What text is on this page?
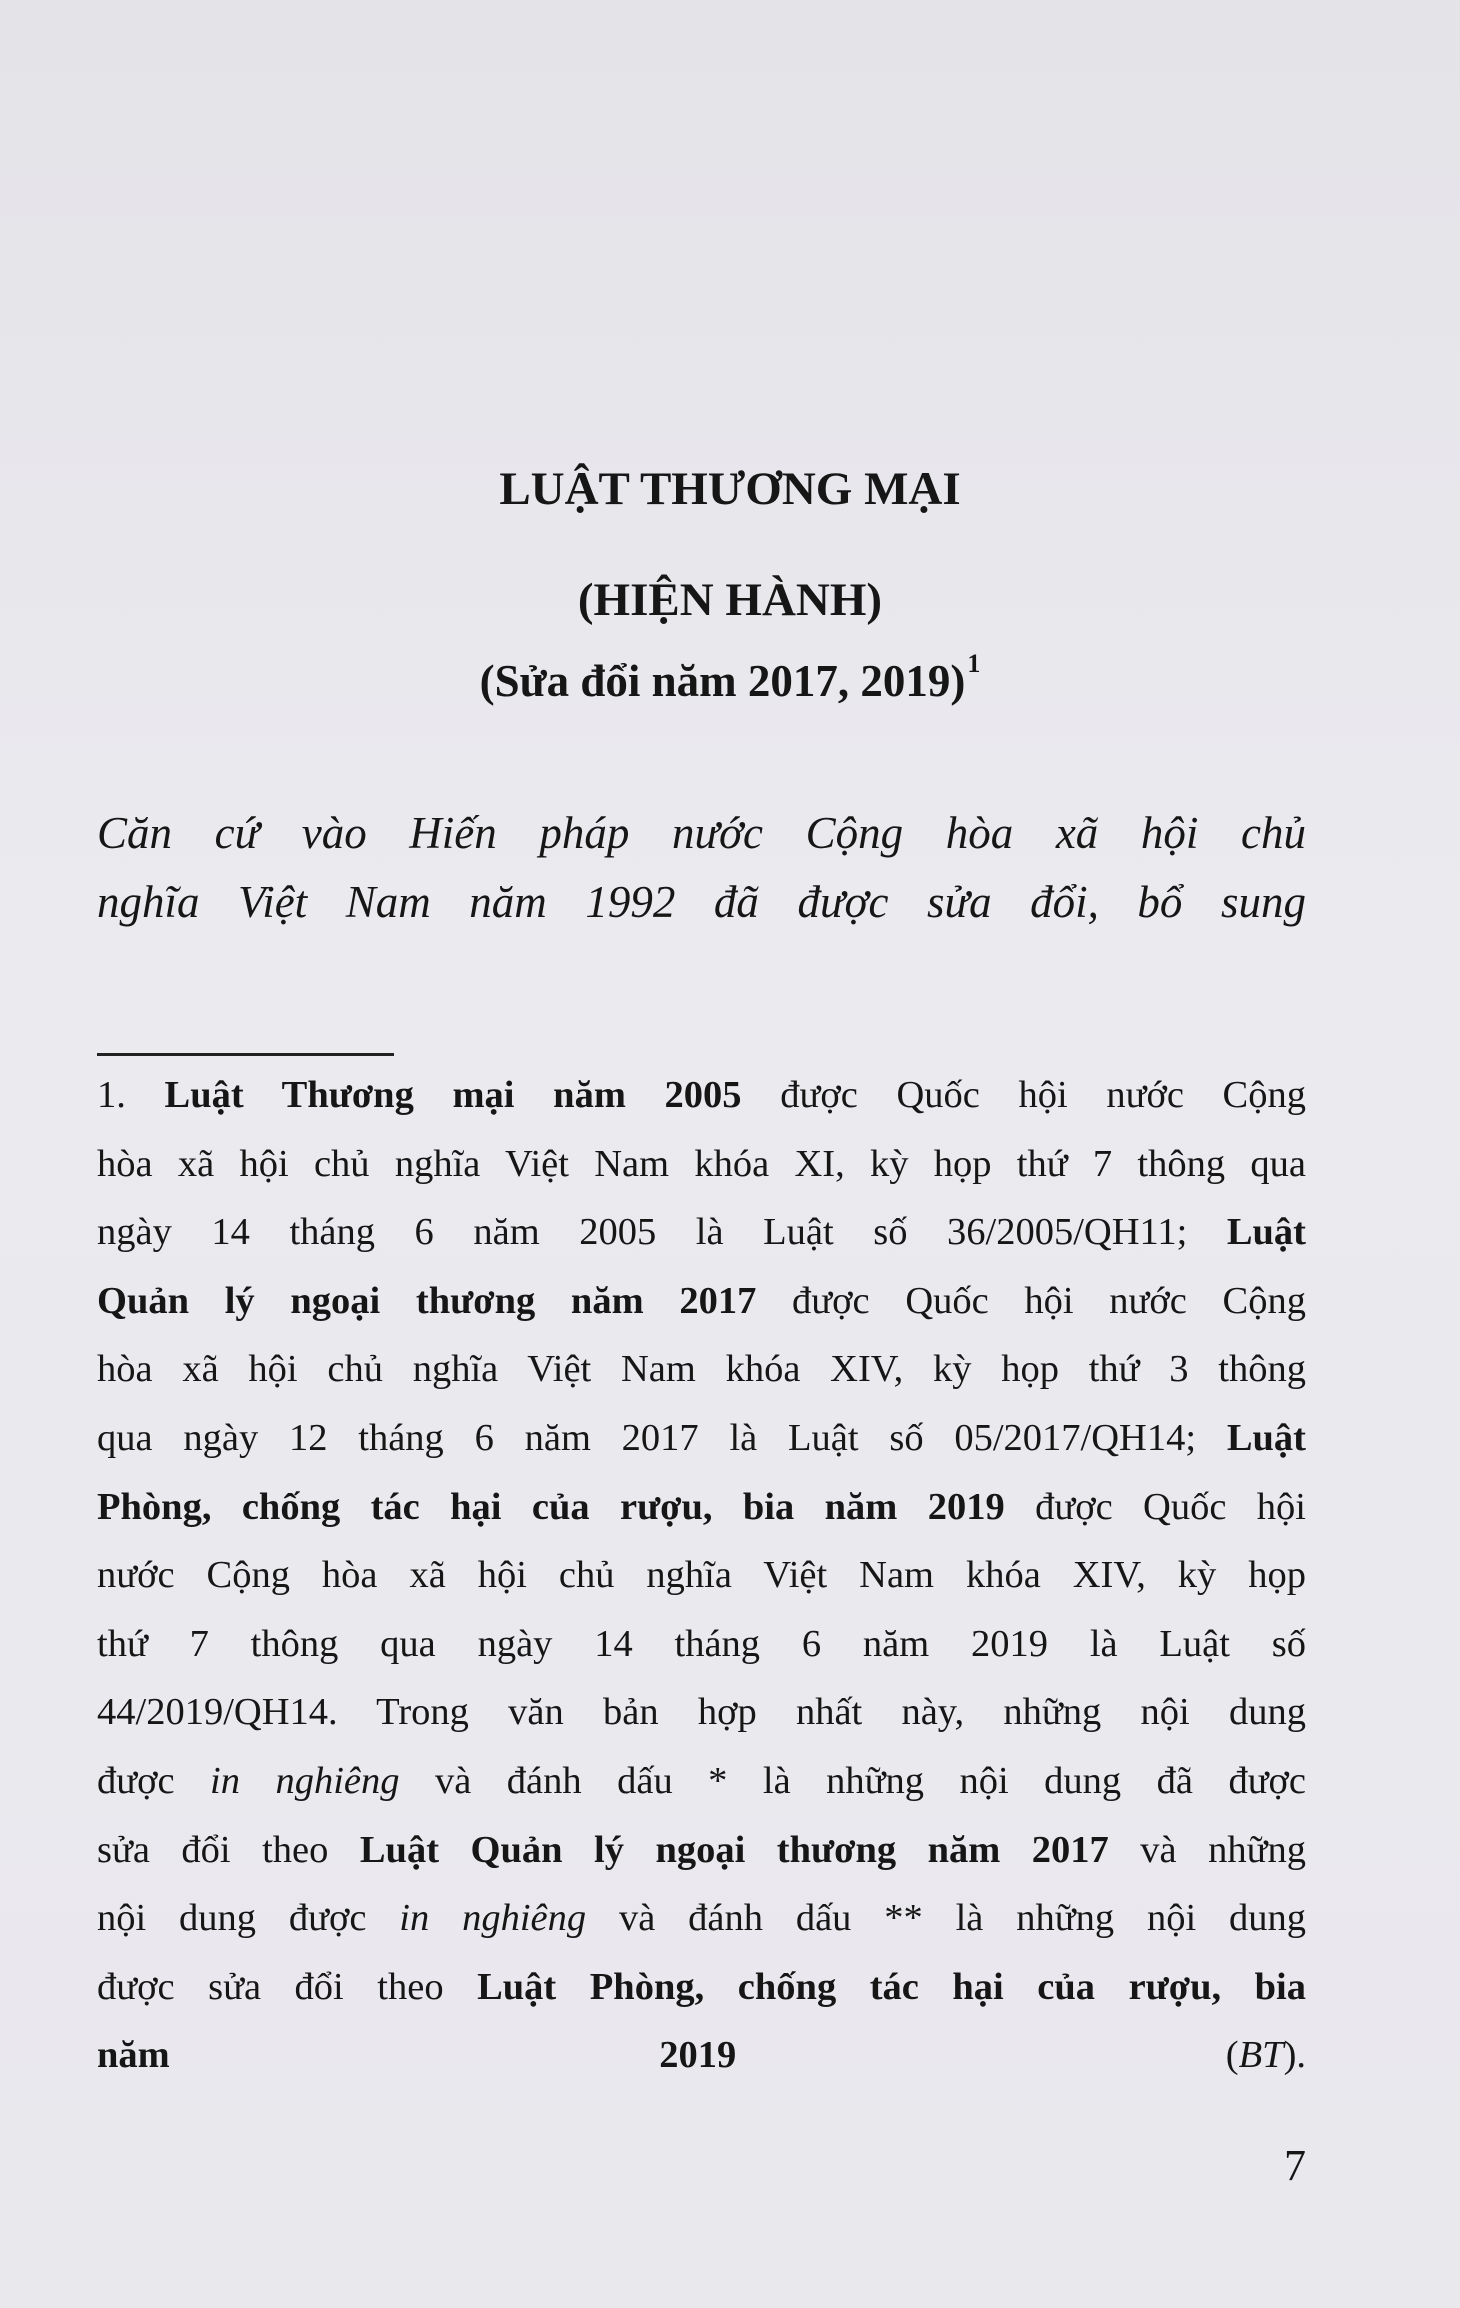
LUẬT THƯƠNG MẠI
(HIỆN HÀNH)
(Sửa đổi năm 2017, 2019)$^1$
Căn cứ vào Hiến pháp nước Cộng hòa xã hội chủ
nghĩa Việt Nam năm 1992 đã được sửa đổi, bổ sung
1. Luật Thương mại năm 2005 được Quốc hội nước Cộng
hòa xã hội chủ nghĩa Việt Nam khóa XI, kỳ họp thứ 7 thông qua
ngày 14 tháng 6 năm 2005 là Luật số 36/2005/QH11; Luật
Quản lý ngoại thương năm 2017 được Quốc hội nước Cộng
hòa xã hội chủ nghĩa Việt Nam khóa XIV, kỳ họp thứ 3 thông
qua ngày 12 tháng 6 năm 2017 là Luật số 05/2017/QH14; Luật
Phòng, chống tác hại của rượu, bia năm 2019 được Quốc hội
nước Cộng hòa xã hội chủ nghĩa Việt Nam khóa XIV, kỳ họp
thứ 7 thông qua ngày 14 tháng 6 năm 2019 là Luật số
44/2019/QH14. Trong văn bản hợp nhất này, những nội dung
được in nghiêng và đánh dấu * là những nội dung đã được
sửa đổi theo Luật Quản lý ngoại thương năm 2017 và những
nội dung được in nghiêng và đánh dấu ** là những nội dung
được sửa đổi theo Luật Phòng, chống tác hại của rượu, bia
năm 2019 (BT).
7
